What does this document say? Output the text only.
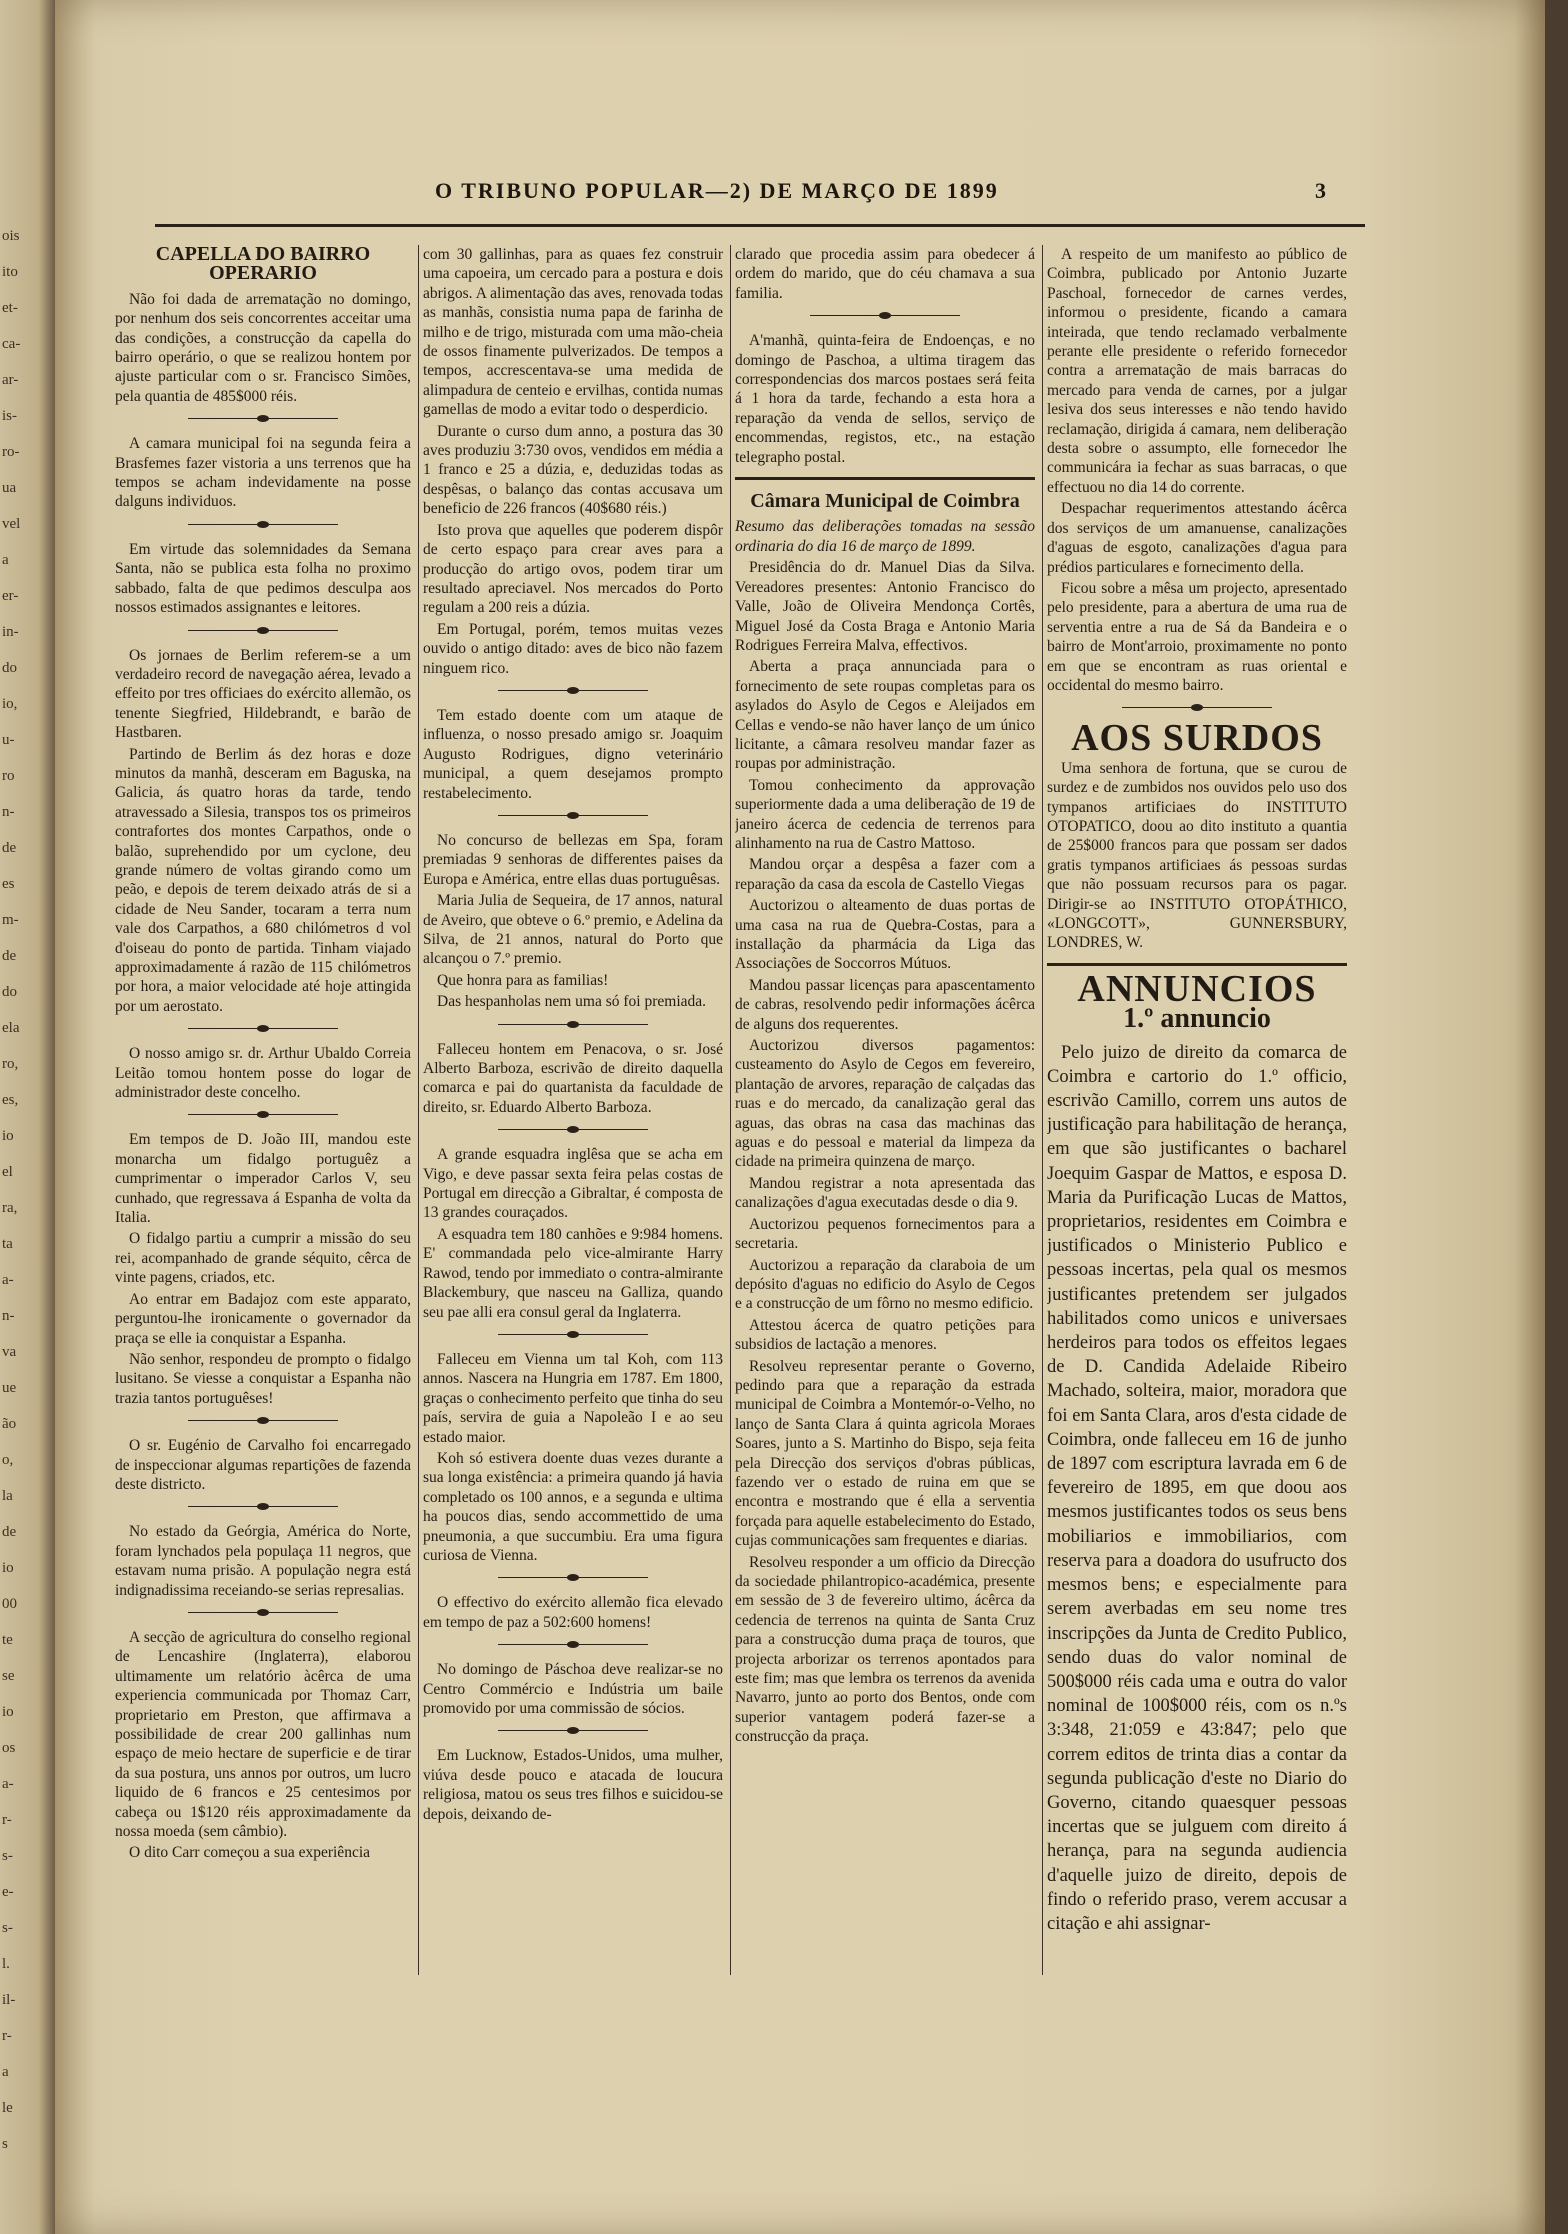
ois
ito
et-
ca-
ar-
is-
ro-
ua
vel
a
er-
in-
do
io,
u-
ro
n-
de
es
m-
de
do
ela
ro,
es,
io
el
ra,
ta
a-
n-
va
ue
ão
o,
la
de
io
00
te
se
io
os
a-
r-
s-
e-
s-
l.
il-
r-
a
le
s
O TRIBUNO POPULAR—2) DE MARÇO DE 1899	3
CAPELLA DO BAIRRO OPERARIO

Não foi dada de arrematação no domingo, por nenhum dos seis concorrentes acceitar uma das condições, a construcção da capella do bairro operário, o que se realizou hontem por ajuste particular com o sr. Francisco Simões, pela quantia de 485$000 réis.

A camara municipal foi na segunda feira a Brasfemes fazer vistoria a uns terrenos que ha tempos se acham indevidamente na posse dalguns individuos.

Em virtude das solemnidades da Semana Santa, não se publica esta folha no proximo sabbado, falta de que pedimos desculpa aos nossos estimados assignantes e leitores.

Os jornaes de Berlim referem-se a um verdadeiro record de navegação aérea, levado a effeito por tres officiaes do exército allemão, os tenente Siegfried, Hildebrandt, e barão de Hastbaren.

Partindo de Berlim ás dez horas e doze minutos da manhã, desceram em Baguska, na Galicia, ás quatro horas da tarde, tendo atravessado a Silesia, transpos tos os primeiros contrafortes dos montes Carpathos, onde o balão, suprehendido por um cyclone, deu grande número de voltas girando como um peão, e depois de terem deixado atrás de si a cidade de Neu Sander, tocaram a terra num vale dos Carpathos, a 680 chilómetros d vol d'oiseau do ponto de partida. Tinham viajado approximadamente á razão de 115 chilómetros por hora, a maior velocidade até hoje attingida por um aerostato.

O nosso amigo sr. dr. Arthur Ubaldo Correia Leitão tomou hontem posse do logar de administrador deste concelho.

Em tempos de D. João III, mandou este monarcha um fidalgo portuguêz a cumprimentar o imperador Carlos V, seu cunhado, que regressava á Espanha de volta da Italia.

O fidalgo partiu a cumprir a missão do seu rei, acompanhado de grande séquito, cêrca de vinte pagens, criados, etc.

Ao entrar em Badajoz com este apparato, perguntou-lhe ironicamente o governador da praça se elle ia conquistar a Espanha.

Não senhor, respondeu de prompto o fidalgo lusitano. Se viesse a conquistar a Espanha não trazia tantos portuguêses!

O sr. Eugénio de Carvalho foi encarregado de inspeccionar algumas repartições de fazenda deste districto.

No estado da Geórgia, América do Norte, foram lynchados pela populaça 11 negros, que estavam numa prisão. A população negra está indignadissima receiando-se serias represalias.

A secção de agricultura do conselho regional de Lencashire (Inglaterra), elaborou ultimamente um relatório àcêrca de uma experiencia communicada por Thomaz Carr, proprietario em Preston, que affirmava a possibilidade de crear 200 gallinhas num espaço de meio hectare de superficie e de tirar da sua postura, uns annos por outros, um lucro liquido de 6 francos e 25 centesimos por cabeça ou 1$120 réis approximadamente da nossa moeda (sem câmbio).

O dito Carr começou a sua experiência

com 30 gallinhas, para as quaes fez construir uma capoeira, um cercado para a postura e dois abrigos. A alimentação das aves, renovada todas as manhãs, consistia numa papa de farinha de milho e de trigo, misturada com uma mão-cheia de ossos finamente pulverizados. De tempos a tempos, accrescentava-se uma medida de alimpadura de centeio e ervilhas, contida numas gamellas de modo a evitar todo o desperdicio.

Durante o curso dum anno, a postura das 30 aves produziu 3:730 ovos, vendidos em média a 1 franco e 25 a dúzia, e, deduzidas todas as despêsas, o balanço das contas accusava um beneficio de 226 francos (40$680 réis.)

Isto prova que aquelles que poderem dispôr de certo espaço para crear aves para a producção do artigo ovos, podem tirar um resultado apreciavel. Nos mercados do Porto regulam a 200 reis a dúzia.

Em Portugal, porém, temos muitas vezes ouvido o antigo ditado: aves de bico não fazem ninguem rico.

Tem estado doente com um ataque de influenza, o nosso presado amigo sr. Joaquim Augusto Rodrigues, digno veterinário municipal, a quem desejamos prompto restabelecimento.

No concurso de bellezas em Spa, foram premiadas 9 senhoras de differentes paises da Europa e América, entre ellas duas portuguêsas.

Maria Julia de Sequeira, de 17 annos, natural de Aveiro, que obteve o 6.º premio, e Adelina da Silva, de 21 annos, natural do Porto que alcançou o 7.º premio.

Que honra para as familias!

Das hespanholas nem uma só foi premiada.

Falleceu hontem em Penacova, o sr. José Alberto Barboza, escrivão de direito daquella comarca e pai do quartanista da faculdade de direito, sr. Eduardo Alberto Barboza.

A grande esquadra inglêsa que se acha em Vigo, e deve passar sexta feira pelas costas de Portugal em direcção a Gibraltar, é composta de 13 grandes couraçados.

A esquadra tem 180 canhões e 9:984 homens. E' commandada pelo vice-almirante Harry Rawod, tendo por immediato o contra-almirante Blackembury, que nasceu na Galliza, quando seu pae alli era consul geral da Inglaterra.

Falleceu em Vienna um tal Koh, com 113 annos. Nascera na Hungria em 1787. Em 1800, graças o conhecimento perfeito que tinha do seu país, servira de guia a Napoleão I e ao seu estado maior.

Koh só estivera doente duas vezes durante a sua longa existência: a primeira quando já havia completado os 100 annos, e a segunda e ultima ha poucos dias, sendo accommettido de uma pneumonia, a que succumbiu. Era uma figura curiosa de Vienna.

O effectivo do exército allemão fica elevado em tempo de paz a 502:600 homens!

No domingo de Páschoa deve realizar-se no Centro Commércio e Indústria um baile promovido por uma commissão de sócios.

Em Lucknow, Estados-Unidos, uma mulher, viúva desde pouco e atacada de loucura religiosa, matou os seus tres filhos e suicidou-se depois, deixando de-

clarado que procedia assim para obedecer á ordem do marido, que do céu chamava a sua familia.

A'manhã, quinta-feira de Endoenças, e no domingo de Paschoa, a ultima tiragem das correspondencias dos marcos postaes será feita á 1 hora da tarde, fechando a esta hora a reparação da venda de sellos, serviço de encommendas, registos, etc., na estação telegrapho postal.

Câmara Municipal de Coimbra

Resumo das deliberações tomadas na sessão ordinaria do dia 16 de março de 1899.

Presidência do dr. Manuel Dias da Silva. Vereadores presentes: Antonio Francisco do Valle, João de Oliveira Mendonça Cortês, Miguel José da Costa Braga e Antonio Maria Rodrigues Ferreira Malva, effectivos.

Aberta a praça annunciada para o fornecimento de sete roupas completas para os asylados do Asylo de Cegos e Aleijados em Cellas e vendo-se não haver lanço de um único licitante, a câmara resolveu mandar fazer as roupas por administração.

Tomou conhecimento da approvação superiormente dada a uma deliberação de 19 de janeiro ácerca de cedencia de terrenos para alinhamento na rua de Castro Mattoso.

Mandou orçar a despêsa a fazer com a reparação da casa da escola de Castello Viegas

Auctorizou o alteamento de duas portas de uma casa na rua de Quebra-Costas, para a installação da pharmácia da Liga das Associações de Soccorros Mútuos.

Mandou passar licenças para apascentamento de cabras, resolvendo pedir informações ácêrca de alguns dos requerentes.

Auctorizou diversos pagamentos: custeamento do Asylo de Cegos em fevereiro, plantação de arvores, reparação de calçadas das ruas e do mercado, da canalização geral das aguas, das obras na casa das machinas das aguas e do pessoal e material da limpeza da cidade na primeira quinzena de março.

Mandou registrar a nota apresentada das canalizações d'agua executadas desde o dia 9.

Auctorizou pequenos fornecimentos para a secretaria.

Auctorizou a reparação da claraboia de um depósito d'aguas no edificio do Asylo de Cegos e a construcção de um fôrno no mesmo edificio.

Attestou ácerca de quatro petições para subsidios de lactação a menores.

Resolveu representar perante o Governo, pedindo para que a reparação da estrada municipal de Coimbra a Montemór-o-Velho, no lanço de Santa Clara á quinta agricola Moraes Soares, junto a S. Martinho do Bispo, seja feita pela Direcção dos serviços d'obras públicas, fazendo ver o estado de ruina em que se encontra e mostrando que é ella a serventia forçada para aquelle estabelecimento do Estado, cujas communicações sam frequentes e diarias.

Resolveu responder a um officio da Direcção da sociedade philantropico-académica, presente em sessão de 3 de fevereiro ultimo, ácêrca da cedencia de terrenos na quinta de Santa Cruz para a construcção duma praça de touros, que projecta arborizar os terrenos apontados para este fim; mas que lembra os terrenos da avenida Navarro, junto ao porto dos Bentos, onde com superior vantagem poderá fazer-se a construcção da praça.

A respeito de um manifesto ao público de Coimbra, publicado por Antonio Juzarte Paschoal, fornecedor de carnes verdes, informou o presidente, ficando a camara inteirada, que tendo reclamado verbalmente perante elle presidente o referido fornecedor contra a arrematação de mais barracas do mercado para venda de carnes, por a julgar lesiva dos seus interesses e não tendo havido reclamação, dirigida á camara, nem deliberação desta sobre o assumpto, elle fornecedor lhe communicára ia fechar as suas barracas, o que effectuou no dia 14 do corrente.

Despachar requerimentos attestando ácêrca dos serviços de um amanuense, canalizações d'aguas de esgoto, canalizações d'agua para prédios particulares e fornecimento della.

Ficou sobre a mêsa um projecto, apresentado pelo presidente, para a abertura de uma rua de serventia entre a rua de Sá da Bandeira e o bairro de Mont'arroio, proximamente no ponto em que se encontram as ruas oriental e occidental do mesmo bairro.

AOS SURDOS

Uma senhora de fortuna, que se curou de surdez e de zumbidos nos ouvidos pelo uso dos tympanos artificiaes do INSTITUTO OTOPATICO, doou ao dito instituto a quantia de 25$000 francos para que possam ser dados gratis tympanos artificiaes ás pessoas surdas que não possuam recursos para os pagar. Dirigir-se ao INSTITUTO OTOPÁTHICO, «LONGCOTT», GUNNERSBURY, LONDRES, W.

ANNUNCIOS
1.º annuncio

Pelo juizo de direito da comarca de Coimbra e cartorio do 1.º officio, escrivão Camillo, correm uns autos de justificação para habilitação de herança, em que são justificantes o bacharel Joequim Gaspar de Mattos, e esposa D. Maria da Purificação Lucas de Mattos, proprietarios, residentes em Coimbra e justificados o Ministerio Publico e pessoas incertas, pela qual os mesmos justificantes pretendem ser julgados habilitados como unicos e universaes herdeiros para todos os effeitos legaes de D. Candida Adelaide Ribeiro Machado, solteira, maior, moradora que foi em Santa Clara, aros d'esta cidade de Coimbra, onde falleceu em 16 de junho de 1897 com escriptura lavrada em 6 de fevereiro de 1895, em que doou aos mesmos justificantes todos os seus bens mobiliarios e immobiliarios, com reserva para a doadora do usufructo dos mesmos bens; e especialmente para serem averbadas em seu nome tres inscripções da Junta de Credito Publico, sendo duas do valor nominal de 500$000 réis cada uma e outra do valor nominal de 100$000 réis, com os n.ºs 3:348, 21:059 e 43:847; pelo que correm editos de trinta dias a contar da segunda publicação d'este no Diario do Governo, citando quaesquer pessoas incertas que se julguem com direito á herança, para na segunda audiencia d'aquelle juizo de direito, depois de findo o referido praso, verem accusar a citação e ahi assignar-
